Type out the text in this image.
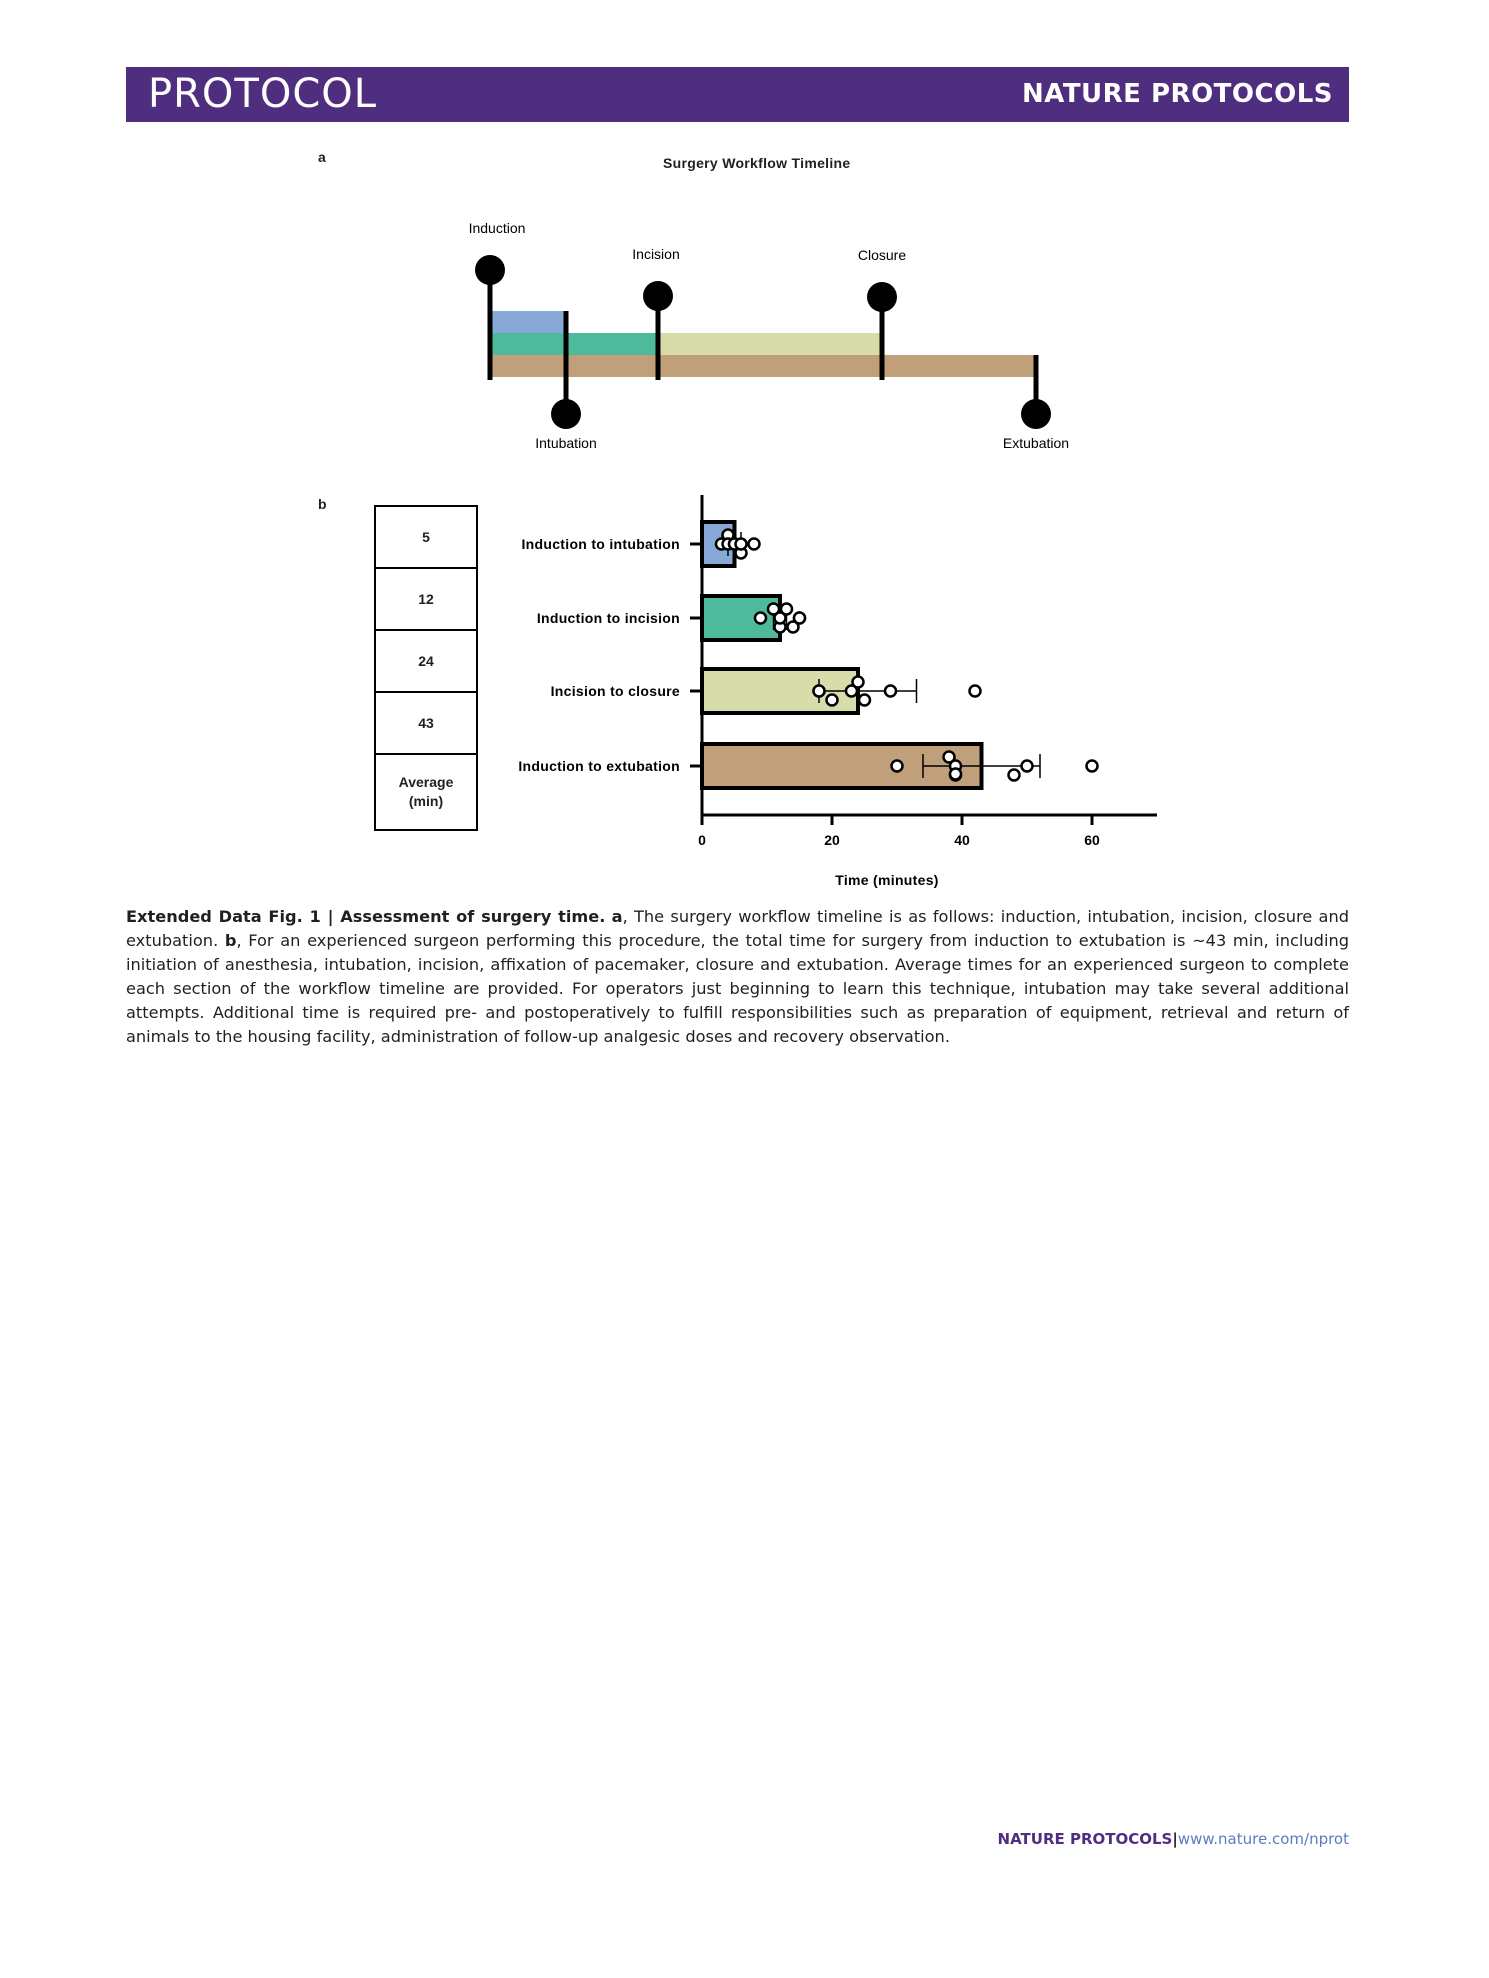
PROTOCOL	NATURE PROTOCOLS
a	Surgery Workflow Timeline
Induction
Incision	Closure
Intubation	Extubation
b
5
12
24
43
Average
(min)
0	20	40	60
Time (minutes)
Induction to intubation
Induction to incision
Incision to closure
Induction to extubation
Extended Data Fig. 1 | Assessment of surgery time. a, The surgery workflow timeline is as follows: induction, intubation, incision, closure and extubation. b, For an experienced surgeon performing this procedure, the total time for surgery from induction to extubation is ~43 min, including initiation of anesthesia, intubation, incision, affixation of pacemaker, closure and extubation. Average times for an experienced surgeon to complete each section of the workflow timeline are provided. For operators just beginning to learn this technique, intubation may take several additional attempts. Additional time is required pre- and postoperatively to fulfill responsibilities such as preparation of equipment, retrieval and return of animals to the housing facility, administration of follow-up analgesic doses and recovery observation.
NATURE PROTOCOLS|www.nature.com/nprot
